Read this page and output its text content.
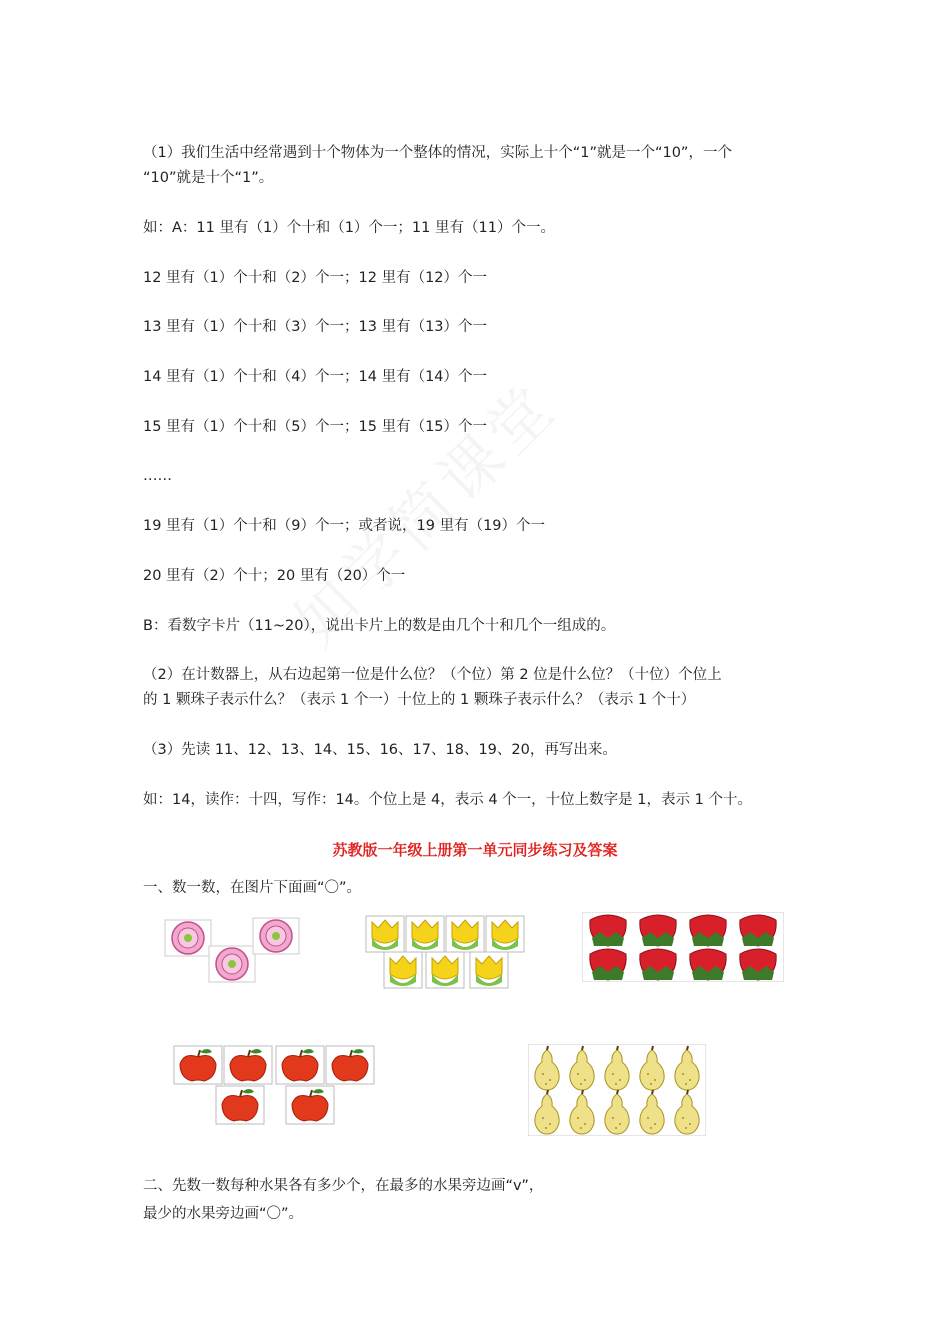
（1）我们生活中经常遇到十个物体为一个整体的情况，实际上十个“1”就是一个“10”，一个
“10”就是十个“1”。
如：A：11 里有（1）个十和（1）个一；11 里有（11）个一。
12 里有（1）个十和（2）个一；12 里有（12）个一
13 里有（1）个十和（3）个一；13 里有（13）个一
14 里有（1）个十和（4）个一；14 里有（14）个一
15 里有（1）个十和（5）个一；15 里有（15）个一
……
19 里有（1）个十和（9）个一；或者说，19 里有（19）个一
20 里有（2）个十；20 里有（20）个一
B：看数字卡片（11~20），说出卡片上的数是由几个十和几个一组成的。
（2）在计数器上，从右边起第一位是什么位？（个位）第 2 位是什么位？（十位）个位上
的 1 颗珠子表示什么？（表示 1 个一）十位上的 1 颗珠子表示什么？（表示 1 个十）
（3）先读 11、12、13、14、15、16、17、18、19、20，再写出来。
如：14，读作：十四，写作：14。个位上是 4，表示 4 个一，十位上数字是 1，表示 1 个十。
苏教版一年级上册第一单元同步练习及答案
一、数一数，在图片下面画“〇”。
二、先数一数每种水果各有多少个，在最多的水果旁边画“v”，
最少的水果旁边画“〇”。
